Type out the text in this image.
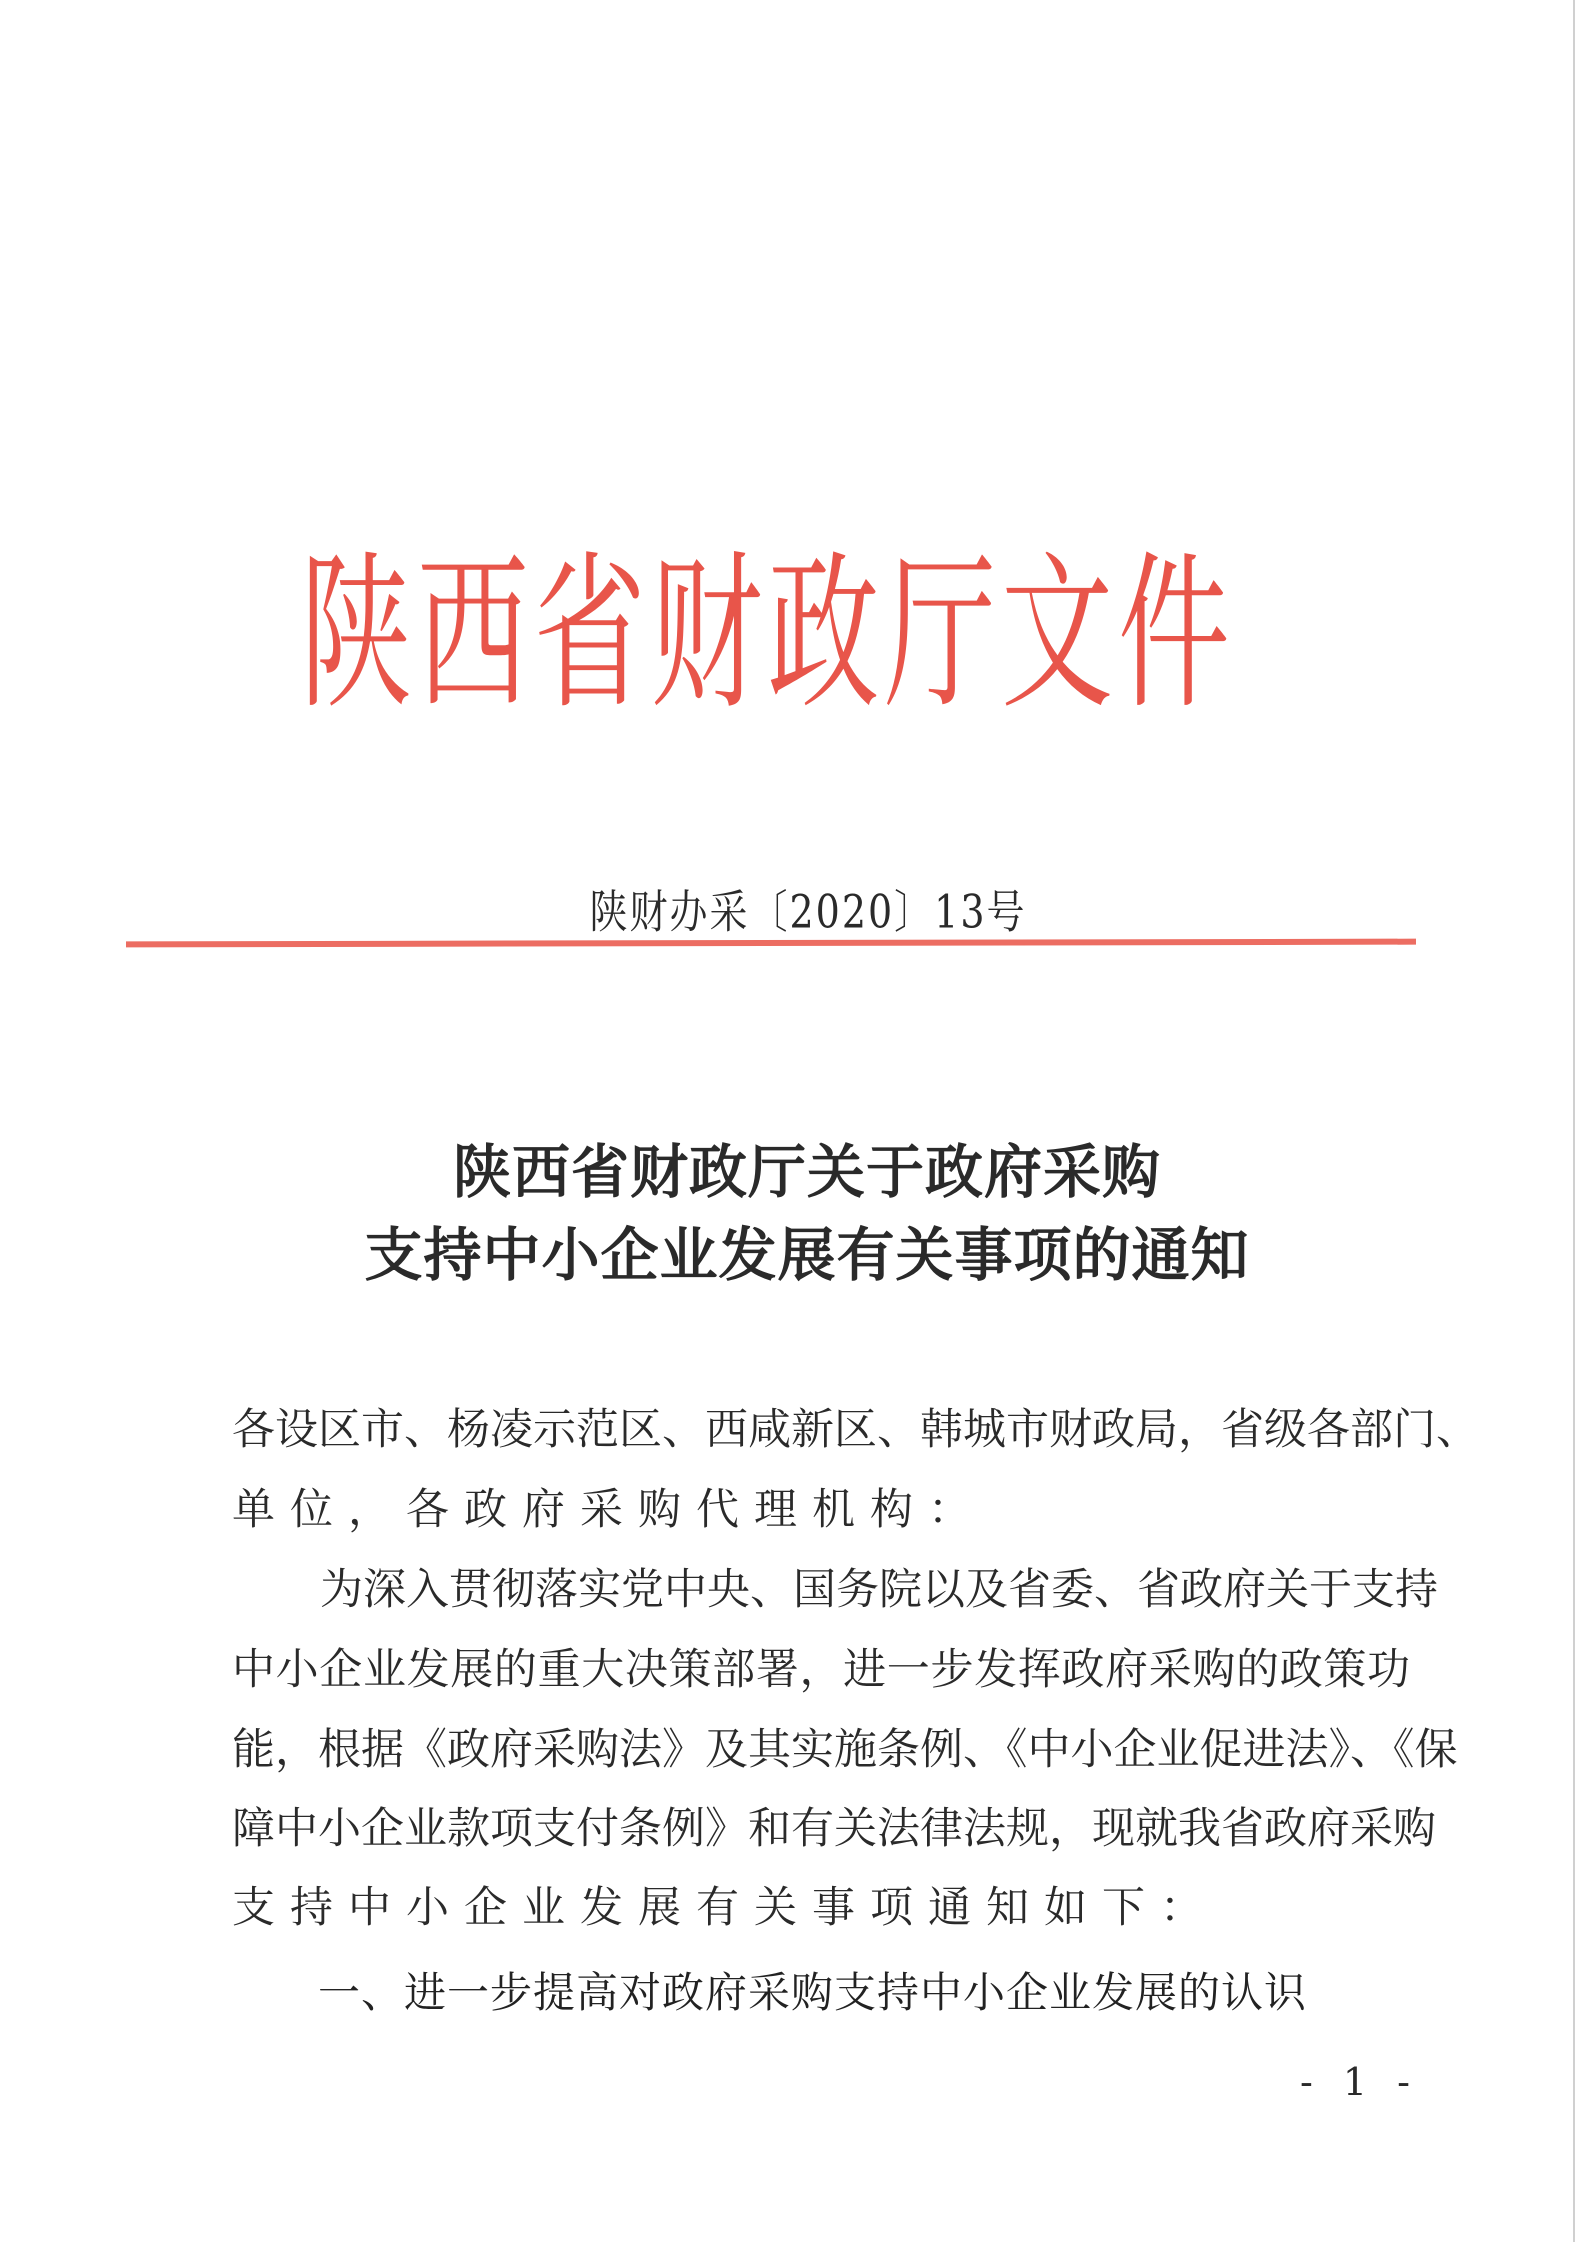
陕 西 省 财 政 厅 文 件
陕财办采〔2020〕13号
陕西省财政厅关于政府采购
支持中小企业发展有关事项的通知
各设区市、杨凌示范区、西咸新区、韩城市财政局，省级各部门、
单位，各政府采购代理机构：
为深入贯彻落实党中央、国务院以及省委、省政府关于支持
中小企业发展的重大决策部署，进一步发挥政府采购的政策功
能，根据《政府采购法》及其实施条例、《中小企业促进法》、《保
障中小企业款项支付条例》和有关法律法规，现就我省政府采购
支持中小企业发展有关事项通知如下：
一、进一步提高对政府采购支持中小企业发展的认识
- 1 -
